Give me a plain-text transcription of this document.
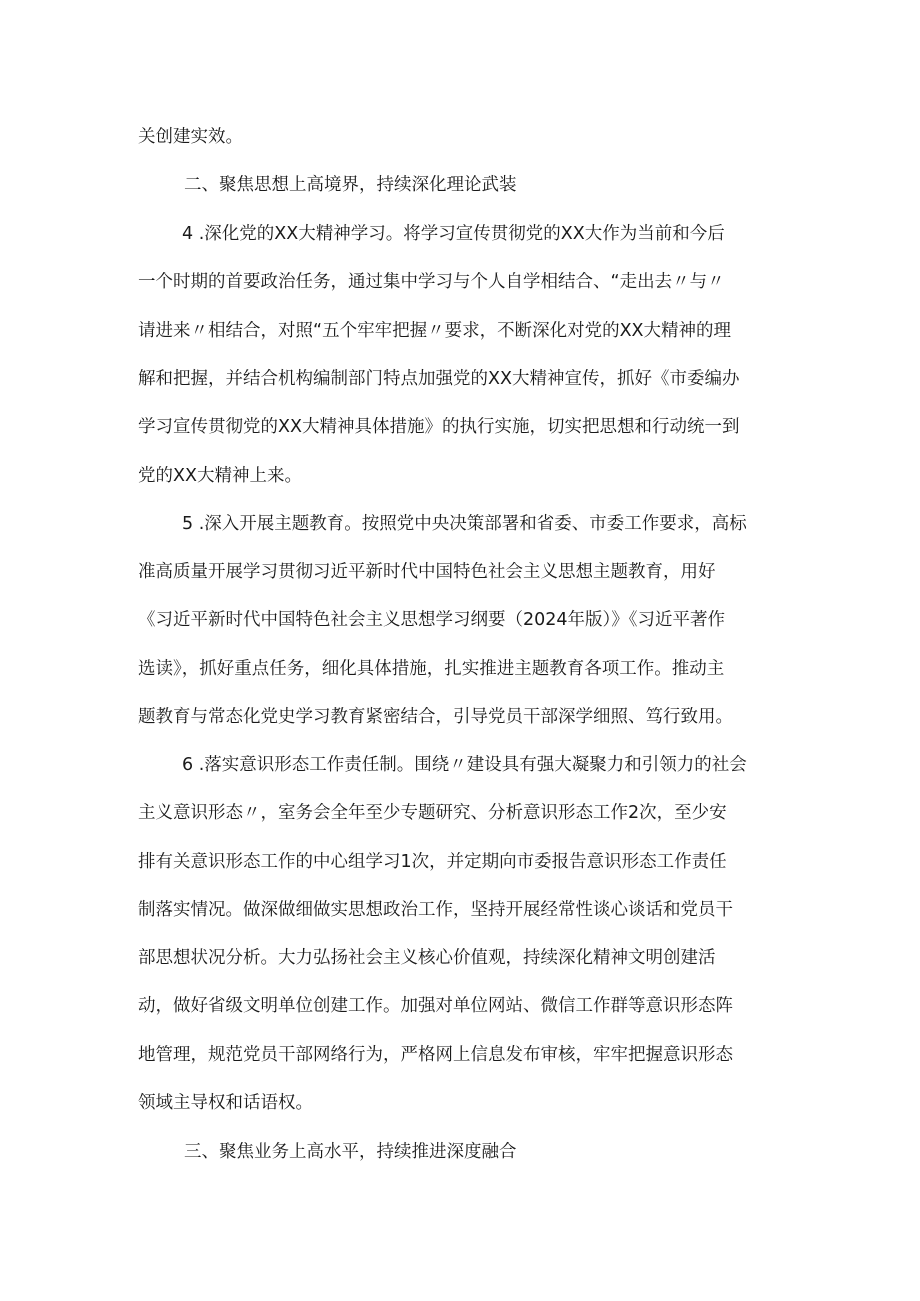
关创建实效。
二、聚焦思想上高境界，持续深化理论武装
4 .深化党的XX大精神学习。将学习宣传贯彻党的XX大作为当前和今后
一个时期的首要政治任务，通过集中学习与个人自学相结合、“走出去〃与〃
请进来〃相结合，对照“五个牢牢把握〃要求，不断深化对党的XX大精神的理
解和把握，并结合机构编制部门特点加强党的XX大精神宣传，抓好《市委编办
学习宣传贯彻党的XX大精神具体措施》的执行实施，切实把思想和行动统一到
党的XX大精神上来。
5 .深入开展主题教育。按照党中央决策部署和省委、市委工作要求，高标
准高质量开展学习贯彻习近平新时代中国特色社会主义思想主题教育，用好
《习近平新时代中国特色社会主义思想学习纲要（2024年版）》《习近平著作
选读》，抓好重点任务，细化具体措施，扎实推进主题教育各项工作。推动主
题教育与常态化党史学习教育紧密结合，引导党员干部深学细照、笃行致用。
6 .落实意识形态工作责任制。围绕〃建设具有强大凝聚力和引领力的社会
主义意识形态〃，室务会全年至少专题研究、分析意识形态工作2次，至少安
排有关意识形态工作的中心组学习1次，并定期向市委报告意识形态工作责任
制落实情况。做深做细做实思想政治工作，坚持开展经常性谈心谈话和党员干
部思想状况分析。大力弘扬社会主义核心价值观，持续深化精神文明创建活
动，做好省级文明单位创建工作。加强对单位网站、微信工作群等意识形态阵
地管理，规范党员干部网络行为，严格网上信息发布审核，牢牢把握意识形态
领域主导权和话语权。
三、聚焦业务上高水平，持续推进深度融合
